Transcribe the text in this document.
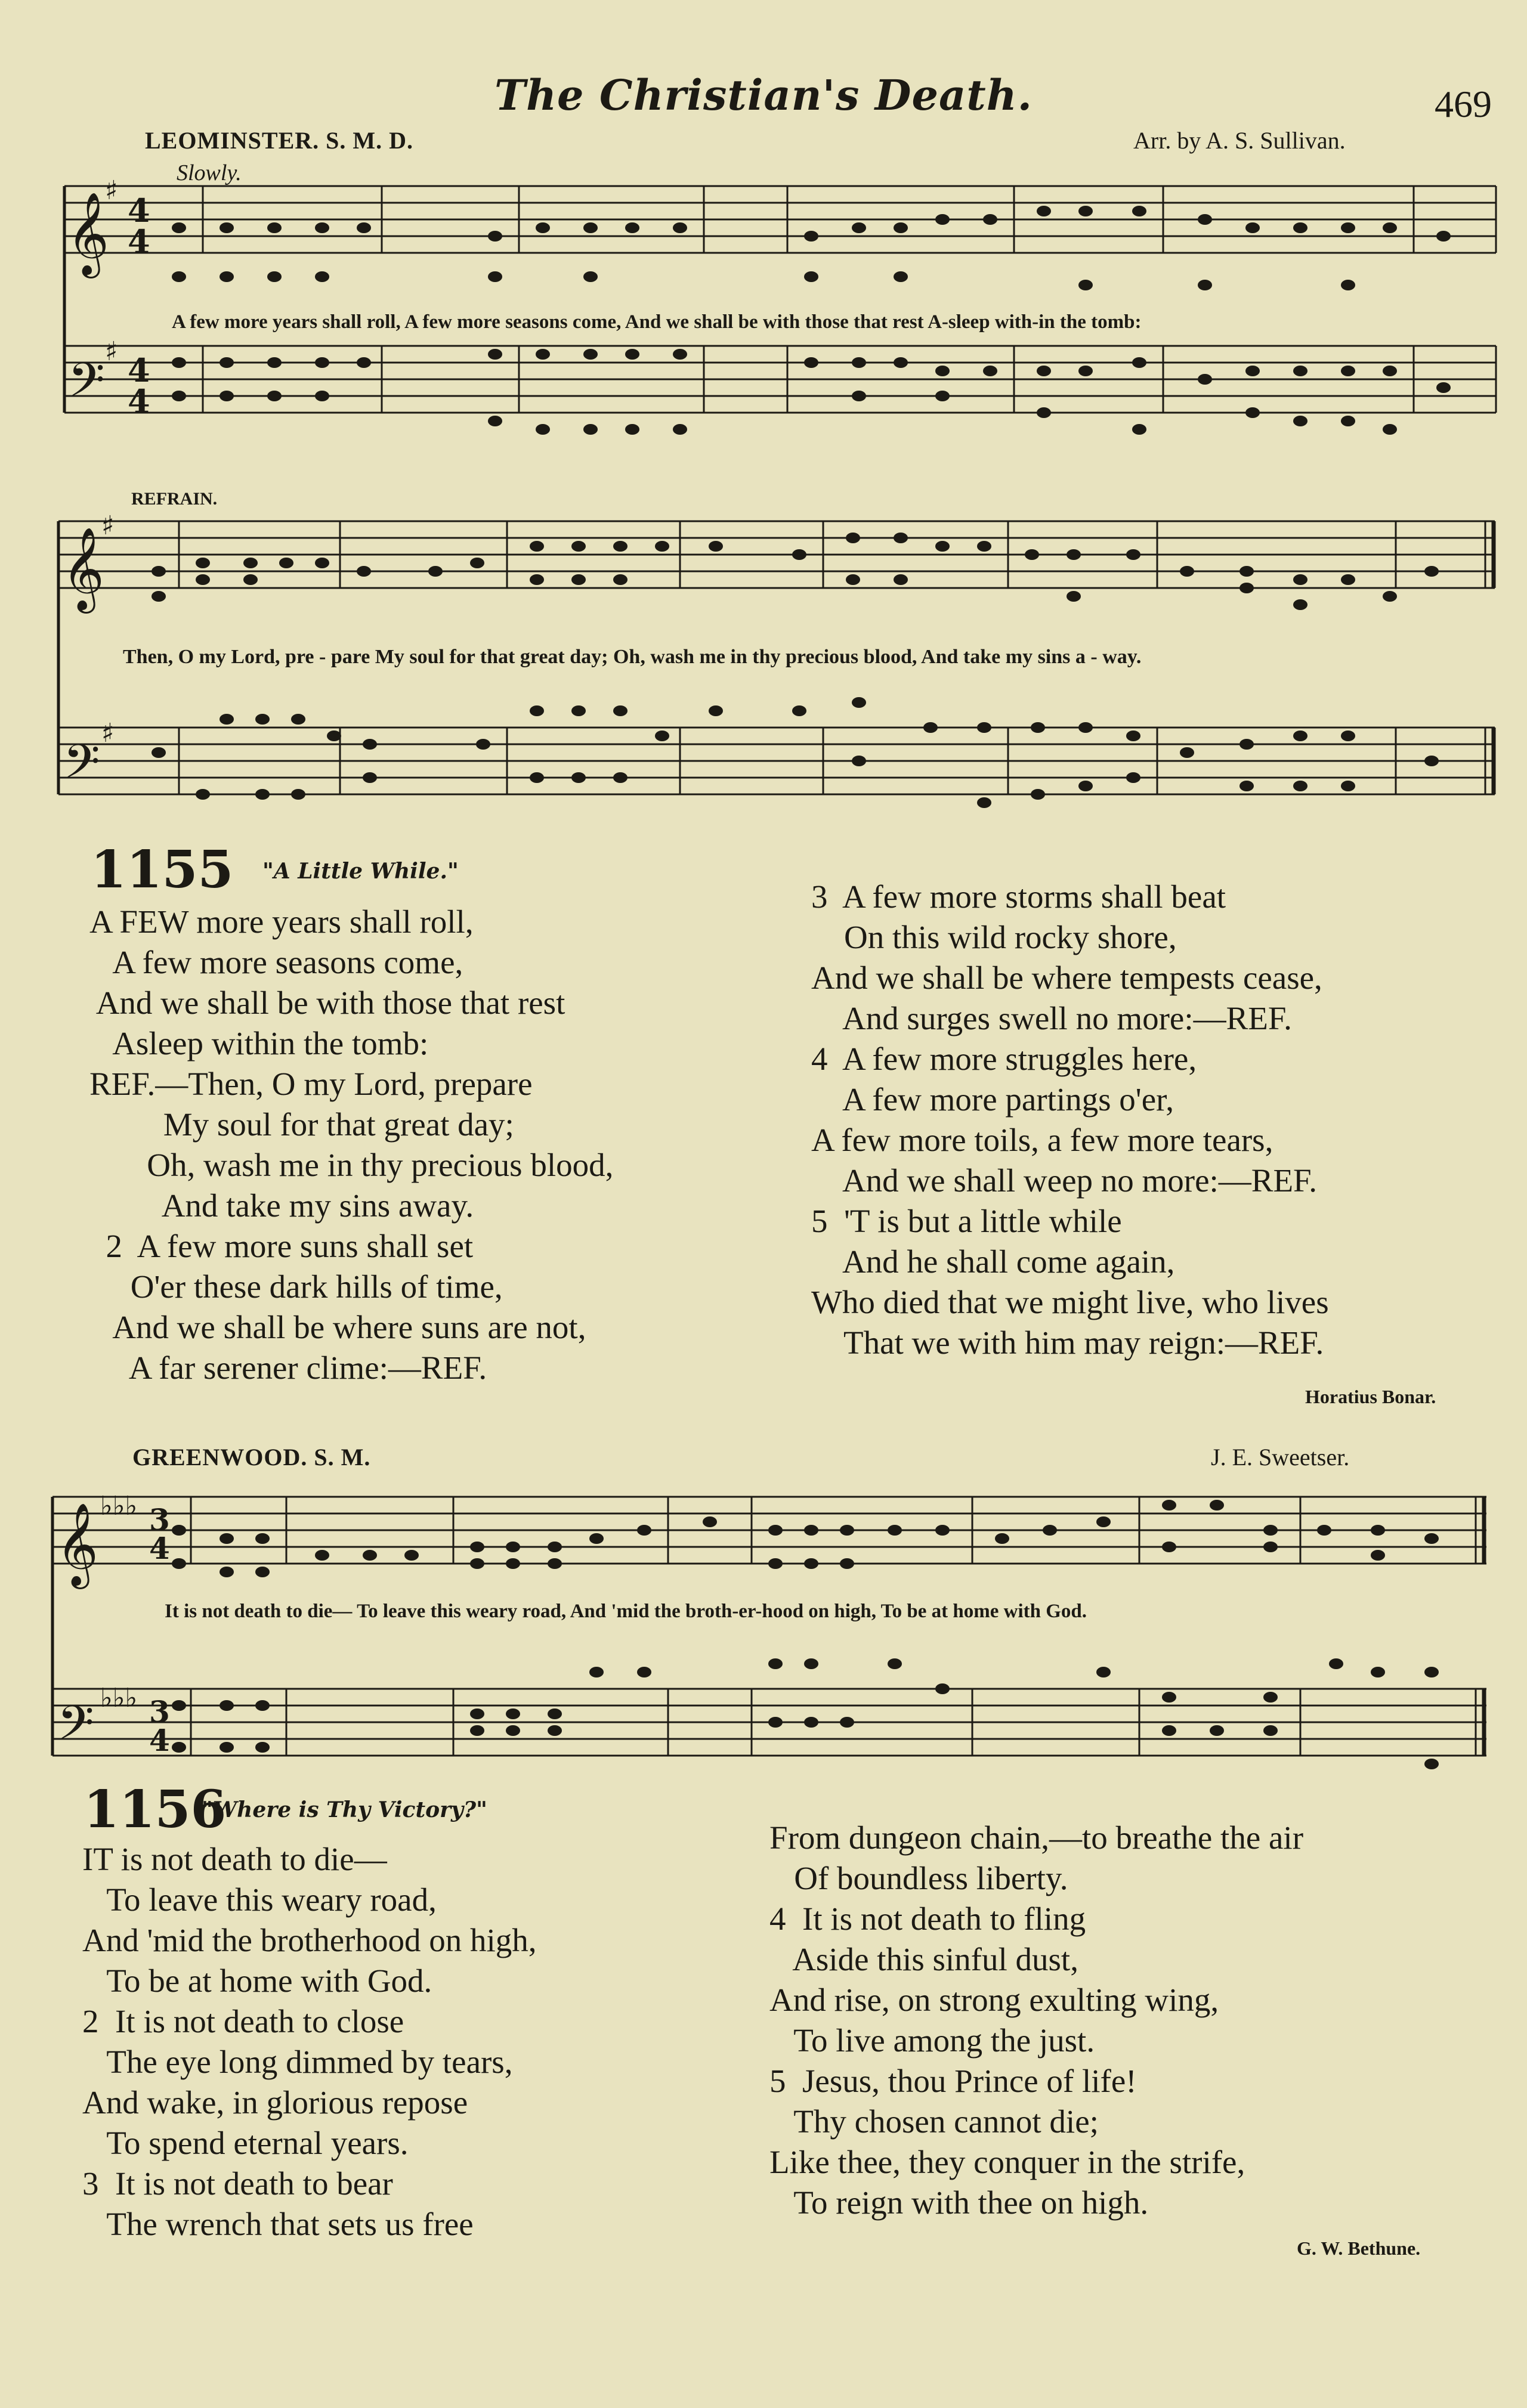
The Christian's Death.	469
LEOMINSTER. S. M. D.	Arr. by A. S. Sullivan.
Slowly.
𝄞
𝄢
4
4
4
4
♯
♯
𝄞
𝄢
♯
♯
𝄞
𝄢
♭♭♭
♭♭♭
3
4
3
4
A few more years shall roll, A few more seasons come, And we shall be with those that rest A-sleep with-in the tomb:
REFRAIN.
Then, O my Lord, pre - pare My soul for that great day; Oh, wash me in thy precious blood, And take my sins a - way.
1155 "A Little While."
A FEW more years shall roll,
A few more seasons come,
And we shall be with those that rest
Asleep within the tomb:
REF.—Then, O my Lord, prepare
My soul for that great day;
Oh, wash me in thy precious blood,
And take my sins away.
2  A few more suns shall set
O'er these dark hills of time,
And we shall be where suns are not,
A far serener clime:—REF.
3  A few more storms shall beat
On this wild rocky shore,
And we shall be where tempests cease,
And surges swell no more:—REF.
4  A few more struggles here,
A few more partings o'er,
A few more toils, a few more tears,
And we shall weep no more:—REF.
5  'T is but a little while
And he shall come again,
Who died that we might live, who lives
That we with him may reign:—REF.
Horatius Bonar.
GREENWOOD. S. M.	J. E. Sweetser.
It is not death to die— To leave this weary road, And 'mid the broth-er-hood on high, To be at home with God.
1156
"Where is Thy Victory?"
IT is not death to die—
To leave this weary road,
And 'mid the brotherhood on high,
To be at home with God.
2  It is not death to close
The eye long dimmed by tears,
And wake, in glorious repose
To spend eternal years.
3  It is not death to bear
The wrench that sets us free
From dungeon chain,—to breathe the air
Of boundless liberty.
4  It is not death to fling
Aside this sinful dust,
And rise, on strong exulting wing,
To live among the just.
5  Jesus, thou Prince of life!
Thy chosen cannot die;
Like thee, they conquer in the strife,
To reign with thee on high.
G. W. Bethune.
